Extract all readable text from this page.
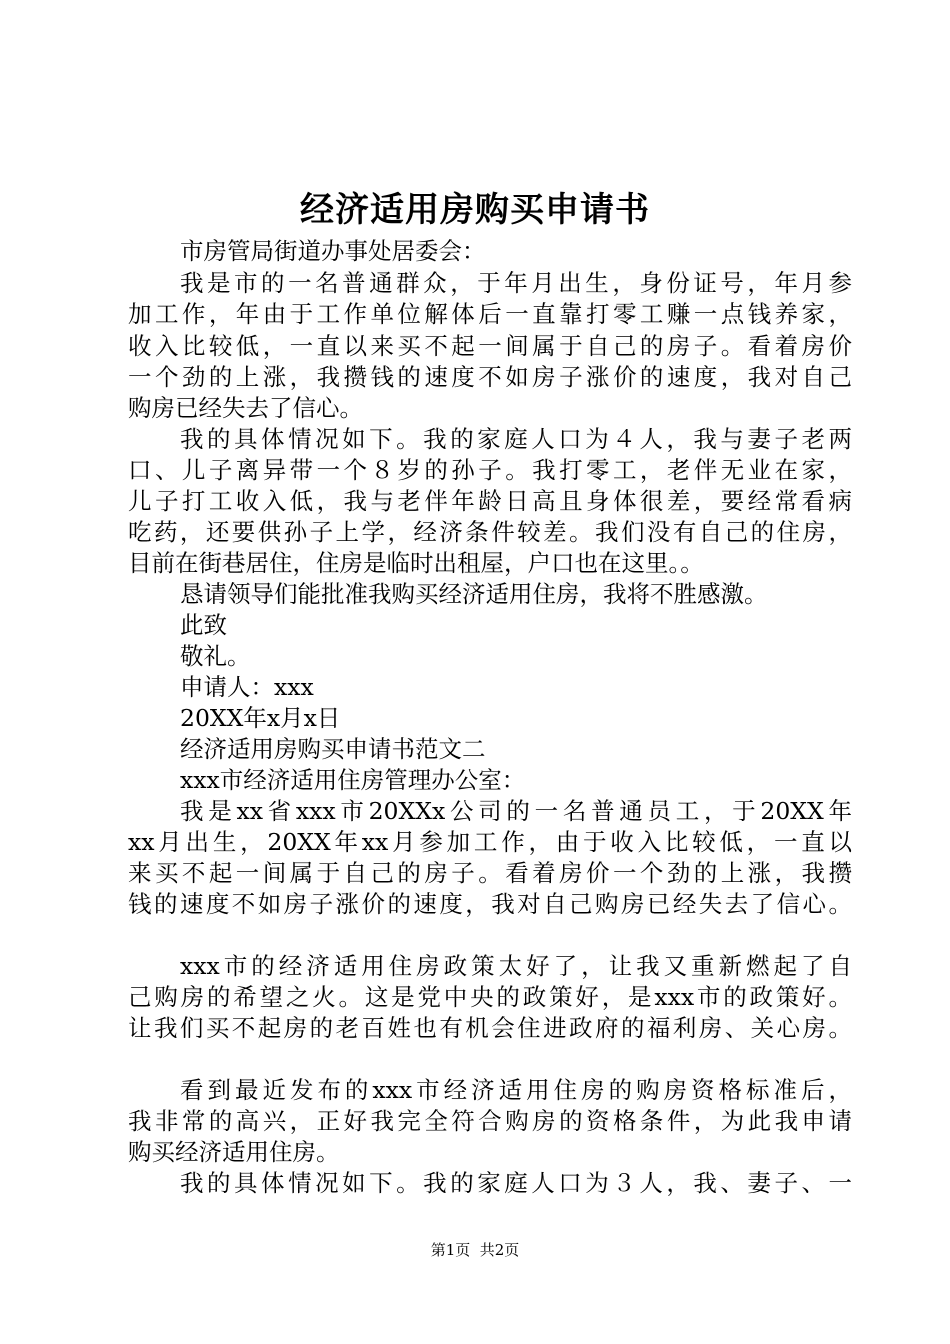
经济适用房购买申请书
市房管局街道办事处居委会：
我是市的一名普通群众，于年月出生，身份证号，年月参
加工作，年由于工作单位解体后一直靠打零工赚一点钱养家，
收入比较低，一直以来买不起一间属于自己的房子。看着房价
一个劲的上涨，我攒钱的速度不如房子涨价的速度，我对自己
购房已经失去了信心。
我的具体情况如下。我的家庭人口为４人，我与妻子老两
口、儿子离异带一个８岁的孙子。我打零工，老伴无业在家，
儿子打工收入低，我与老伴年龄日高且身体很差，要经常看病
吃药，还要供孙子上学，经济条件较差。我们没有自己的住房，
目前在街巷居住，住房是临时出租屋，户口也在这里。。
恳请领导们能批准我购买经济适用住房，我将不胜感激。
此致
敬礼。
申请人：xxx
20XX年x月x日
经济适用房购买申请书范文二
xxx市经济适用住房管理办公室：
我是xx省xxx市20XXx公司的一名普通员工，于20XX年
xx月出生，20XX年xx月参加工作，由于收入比较低，一直以
来买不起一间属于自己的房子。看着房价一个劲的上涨，我攒
钱的速度不如房子涨价的速度，我对自己购房已经失去了信心。
xxx市的经济适用住房政策太好了，让我又重新燃起了自
己购房的希望之火。这是党中央的政策好，是xxx市的政策好。
让我们买不起房的老百姓也有机会住进政府的福利房、关心房。
看到最近发布的xxx市经济适用住房的购房资格标准后，
我非常的高兴，正好我完全符合购房的资格条件，为此我申请
购买经济适用住房。
我的具体情况如下。我的家庭人口为３人，我、妻子、一
第1页  共2页
